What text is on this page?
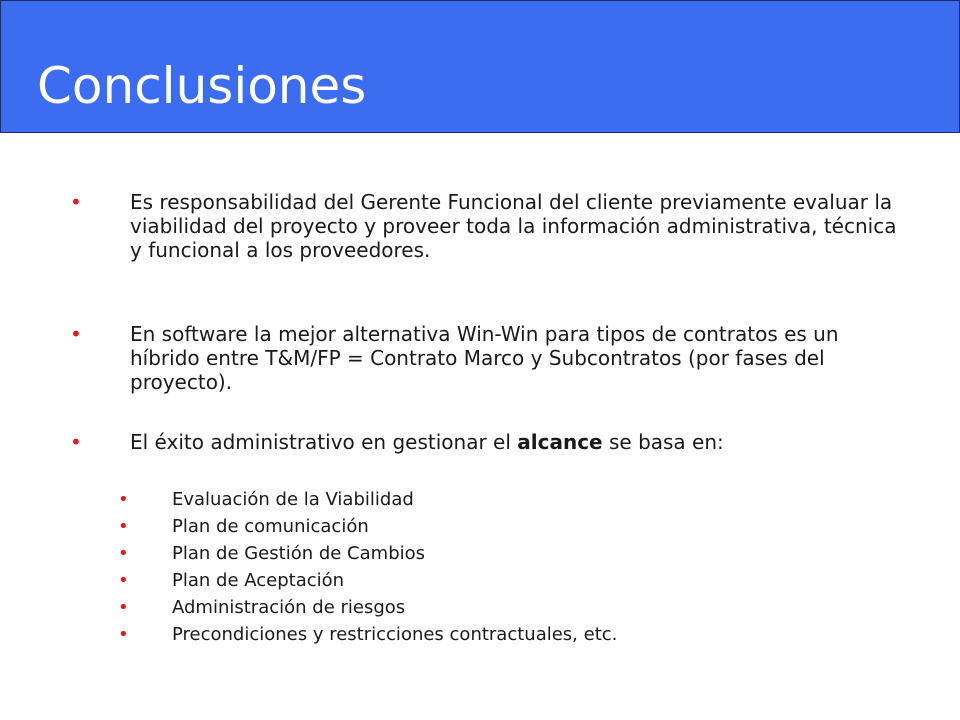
Conclusiones
• Es responsabilidad del Gerente Funcional del cliente previamente evaluar la viabilidad del proyecto y proveer toda la información administrativa, técnica y funcional a los proveedores.
• En software la mejor alternativa Win-Win para tipos de contratos es un híbrido entre T&M/FP = Contrato Marco y Subcontratos (por fases del proyecto).
• El éxito administrativo en gestionar el alcance se basa en:
• Evaluación de la Viabilidad
• Plan de comunicación
• Plan de Gestión de Cambios
• Plan de Aceptación
• Administración de riesgos
• Precondiciones y restricciones contractuales, etc.
